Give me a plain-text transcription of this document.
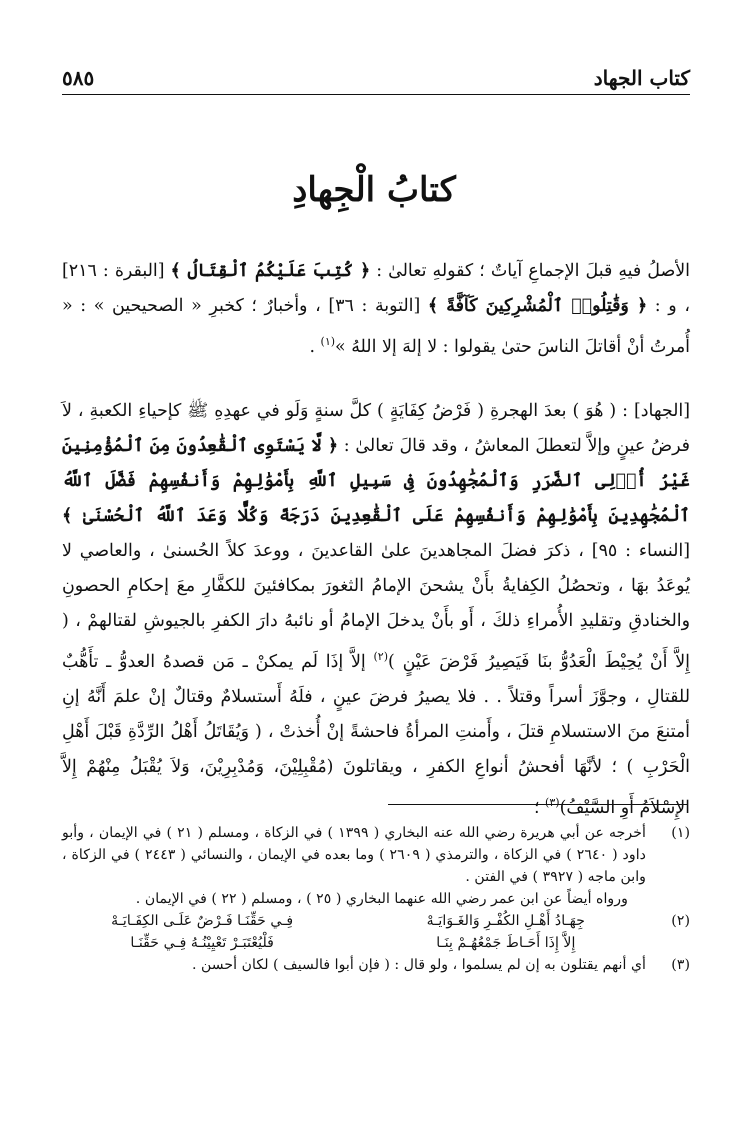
كتاب الجهاد
٥٨٥
كتابُ الْجِهادِ
الأصلُ فيهِ قبلَ الإجماعِ آياتٌ ؛ كقولهِ تعالىٰ : ﴿ كُتِبَ عَلَيْكُمُ ٱلْقِتَالُ ﴾ [البقرة : ٢١٦] ، و : ﴿ وَقَٰتِلُوا۟ ٱلْمُشْرِكِينَ كَآفَّةً ﴾ [التوبة : ٣٦] ، وأخبارٌ ؛ كخبرِ « الصحيحين » : « أُمرتُ أنْ أقاتلَ الناسَ حتىٰ يقولوا : لا إلهَ إلا اللهُ »$^{(١)}$ .
[الجهاد] : ( هُوَ ) بعدَ الهجرةِ ( فَرْضُ كِفَايَةٍ ) كلَّ سنةٍ وَلَو في عهدِهِ ﷺ كإحياءِ الكعبةِ ، لاَ فرضُ عينٍ وإلاَّ لتعطلَ المعاشُ ، وقد قالَ تعالىٰ : ﴿ لَّا يَسْتَوِى ٱلْقَٰعِدُونَ مِنَ ٱلْمُؤْمِنِينَ غَيْرُ أُو۟لِى ٱلضَّرَرِ وَٱلْمُجَٰهِدُونَ فِى سَبِيلِ ٱللَّهِ بِأَمْوَٰلِهِمْ وَأَنفُسِهِمْ فَضَّلَ ٱللَّهُ ٱلْمُجَٰهِدِينَ بِأَمْوَٰلِهِمْ وَأَنفُسِهِمْ عَلَى ٱلْقَٰعِدِينَ دَرَجَةً وَكُلًّا وَعَدَ ٱللَّهُ ٱلْحُسْنَىٰ ﴾ [النساء : ٩٥] ، ذكرَ فضلَ المجاهدينَ علىٰ القاعدينَ ، ووعدَ كلاً الحُسنىٰ ، والعاصي لا يُوعَدُ بهَا ، وتحصُلُ الكِفايةُ بأَنْ يشحنَ الإمامُ الثغورَ بمكافئينَ للكفَّارِ معَ إحكامِ الحصونِ والخنادقِ وتقليدِ الأُمراءِ ذلكَ ، أَو بأَنْ يدخلَ الإمامُ أو نائبهُ دارَ الكفرِ بالجيوشِ لقتالهمْ ، ( إِلاَّ أَنْ يُحِيْطَ الْعَدُوُّ بنَا فَيَصِيرُ فَرْضَ عَيْنٍ )$^{(٢)}$ إلاَّ إذَا لَم يمكنْ ـ مَن قصدهُ العدوُّ ـ تأَهُّبٌ للقتالِ ، وجوَّزَ أسراً وقتلاً . . فلا يصيرُ فرضَ عينٍ ، فلَهُ أَستسلامٌ وقتالٌ إنْ علمَ أَنَّهُ إنِ أمتنعَ منَ الاستسلامِ قتلَ ، وأَمنتِ المرأةُ فاحشةً إنْ أُخذتْ ، ( وَيُقَاتَلُ أَهْلُ الرِّدَّةِ قَبْلَ أَهْلِ الْحَرْبِ ) ؛ لأنَّهَا أفحشُ أنواعِ الكفرِ ، ويقاتلونَ (مُقْبِلِيْنَ، وَمُدْبِرِيْنَ، وَلاَ يُقْبَلُ مِنْهُمْ إِلاَّ الإِسْلاَمُ أَوِ السَّيْفُ)$^{(٣)}$ ؛
(١)
أخرجه عن أبي هريرة رضي الله عنه البخاري ( ١٣٩٩ ) في الزكاة ، ومسلم ( ٢١ ) في الإيمان ، وأبو داود ( ٢٦٤٠ ) في الزكاة ، والترمذي ( ٢٦٠٩ ) وما بعده في الإيمان ، والنسائي ( ٢٤٤٣ ) في الزكاة ، وابن ماجه ( ٣٩٢٧ ) في الفتن .
ورواه أيضاً عن ابن عمر رضي الله عنهما البخاري ( ٢٥ ) ، ومسلم ( ٢٢ ) في الإيمان .
(٢)
جِهَـادُ أَهْـلِ الكُفْـرِ وَالغَـوَايَـهْ
فِـي حَقِّنَـا فَـرْضٌ عَلَـى الكِفَـايَـهْ
إِلاَّ إِذَا أَحَـاطَ جَمْعُهُـمْ بِنَـا
فَلْيُعْتَبَـرْ تَعْيِيْنُـهُ فِـي حَقِّنَـا
(٣)
أي أنهم يقتلون به إن لم يسلموا ، ولو قال : ( فإن أبوا فالسيف ) لكان أحسن .
